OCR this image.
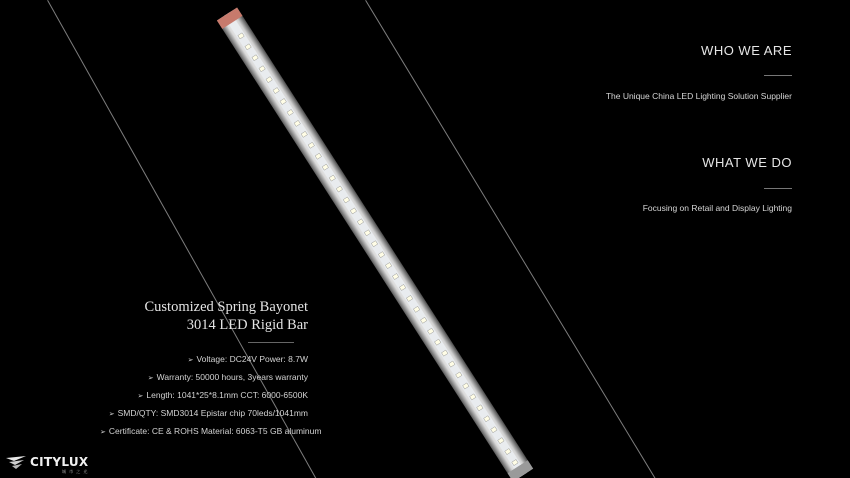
WHO WE ARE
The Unique China LED Lighting Solution Supplier
WHAT WE DO
Focusing on Retail and Display Lighting
Customized Spring Bayonet
3014 LED Rigid Bar
➢ Voltage: DC24V Power: 8.7W
➢ Warranty: 50000 hours, 3years warranty
➢ Length: 1041*25*8.1mm CCT: 6000-6500K
➢ SMD/QTY: SMD3014 Epistar chip 70leds/1041mm
➢ Certificate: CE & ROHS Material: 6063-T5 GB aluminum
CITYLUX
城 市 之 光
